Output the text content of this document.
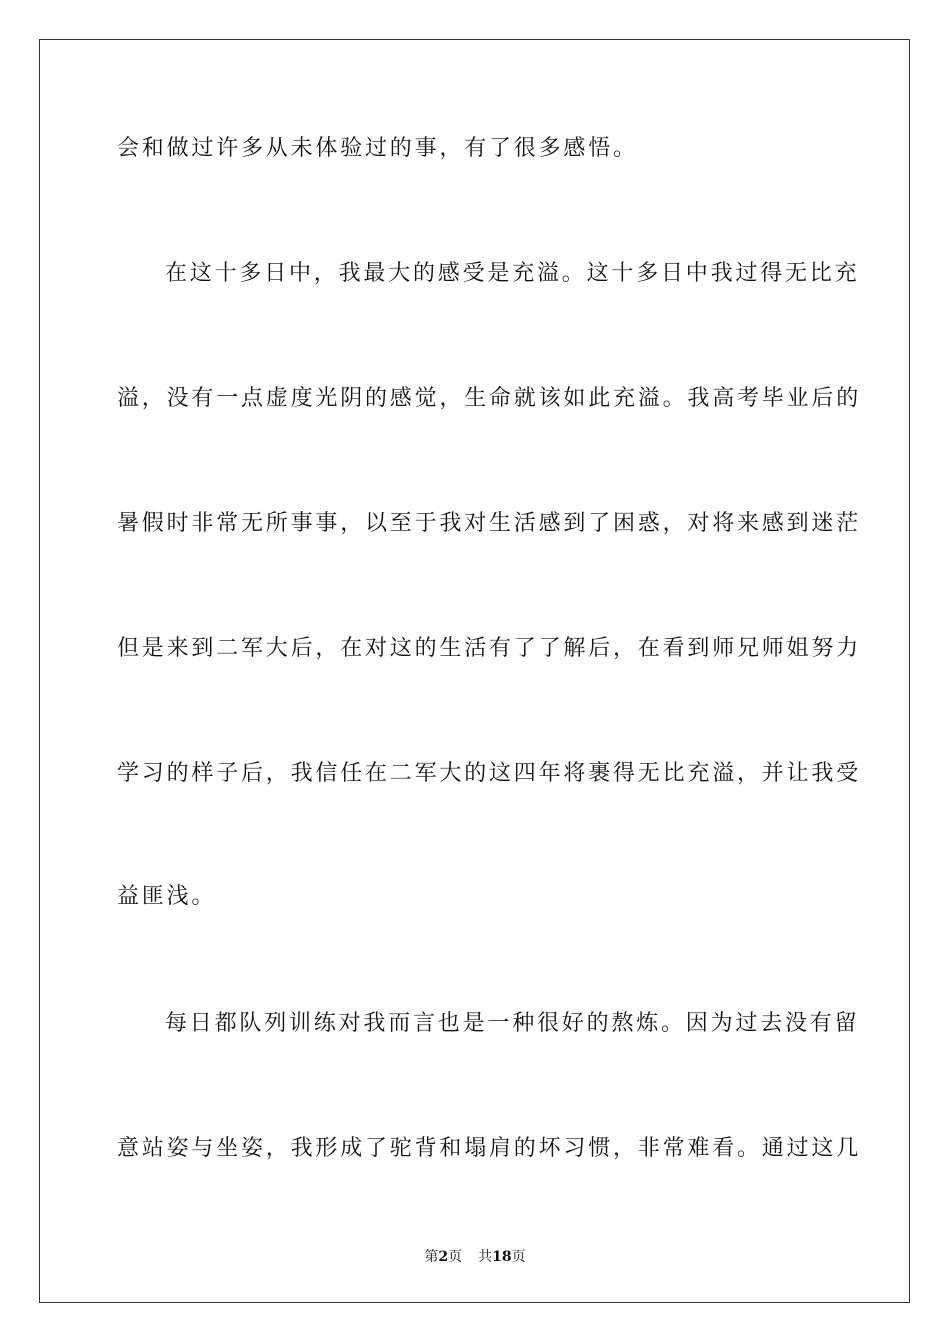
会和做过许多从未体验过的事，有了很多感悟。
在这十多日中，我最大的感受是充溢。这十多日中我过得无比充
溢，没有一点虚度光阴的感觉，生命就该如此充溢。我高考毕业后的
暑假时非常无所事事，以至于我对生活感到了困惑，对将来感到迷茫
但是来到二军大后，在对这的生活有了了解后，在看到师兄师姐努力
学习的样子后，我信任在二军大的这四年将裹得无比充溢，并让我受
益匪浅。
每日都队列训练对我而言也是一种很好的熬炼。因为过去没有留
意站姿与坐姿，我形成了驼背和塌肩的坏习惯，非常难看。通过这几
第2页 共18页
